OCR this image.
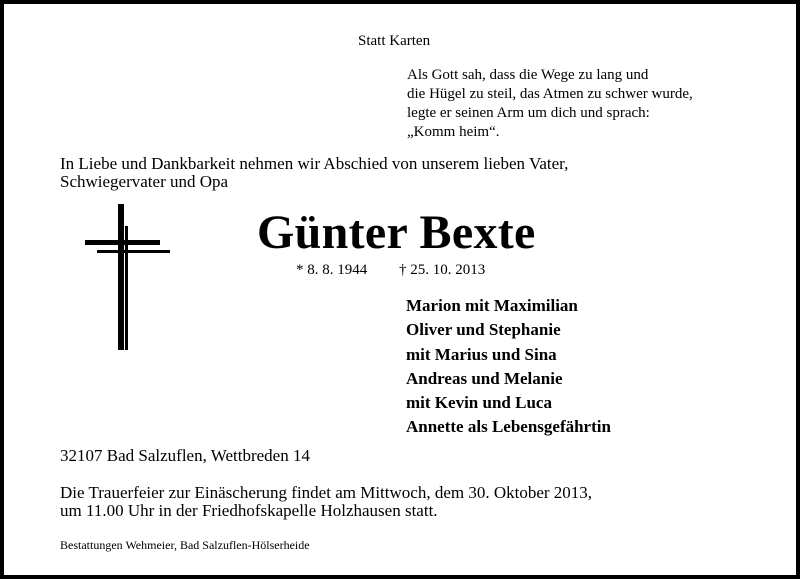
Statt Karten
Als Gott sah, dass die Wege zu lang und
die Hügel zu steil, das Atmen zu schwer wurde,
legte er seinen Arm um dich und sprach:
„Komm heim“.
In Liebe und Dankbarkeit nehmen wir Abschied von unserem lieben Vater,
Schwiegervater und Opa
Günter Bexte
* 8. 8. 1944 † 25. 10. 2013
Marion mit Maximilian
Oliver und Stephanie
mit Marius und Sina
Andreas und Melanie
mit Kevin und Luca
Annette als Lebensgefährtin
32107 Bad Salzuflen, Wettbreden 14
Die Trauerfeier zur Einäscherung findet am Mittwoch, dem 30. Oktober 2013,
um 11.00 Uhr in der Friedhofskapelle Holzhausen statt.
Bestattungen Wehmeier, Bad Salzuflen-Hölserheide
